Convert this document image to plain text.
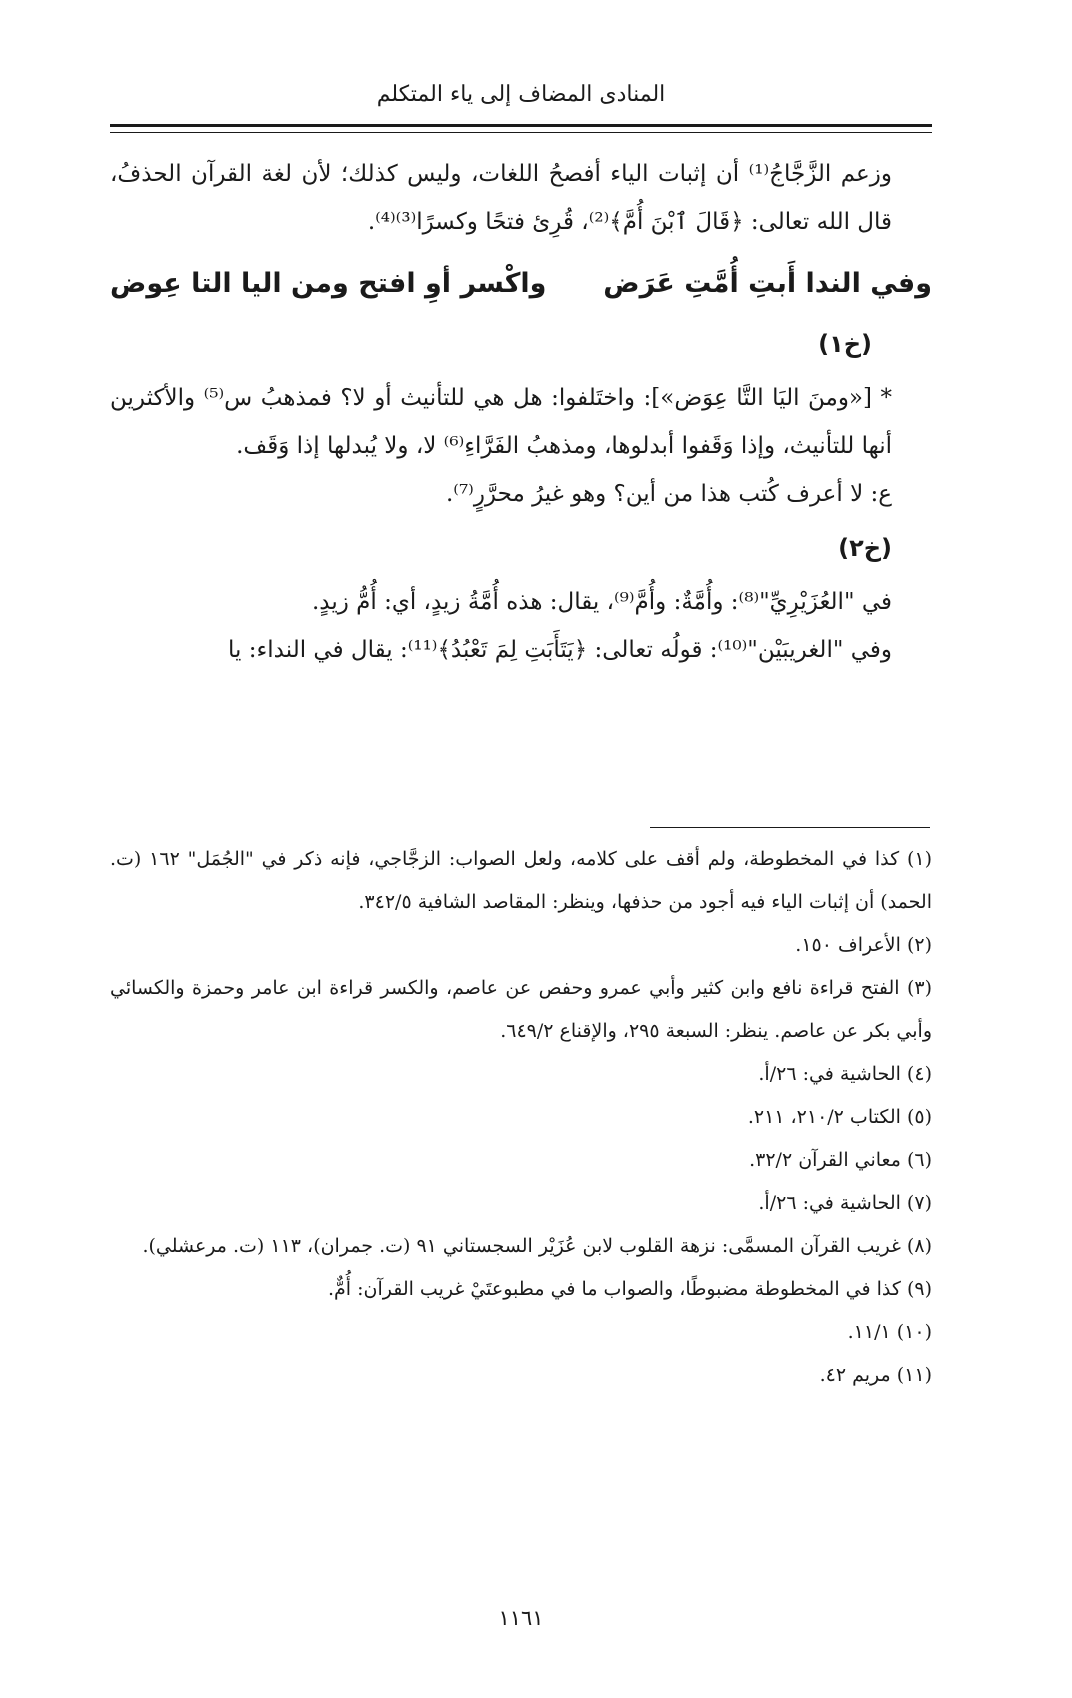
المنادى المضاف إلى ياء المتكلم

وزعم الزَّجَّاجُ⁽¹⁾ أن إثبات الياء أفصحُ اللغات، وليس كذلك؛ لأن لغة القرآن الحذفُ، قال الله تعالى: ﴿قَالَ ٱبْنَ أُمَّ﴾⁽²⁾، قُرِئ فتحًا وكسرًا⁽³⁾⁽⁴⁾.

وفي الندا أَبتِ أُمَّتِ عَرَض
واكْسر أوِ افتح ومن اليا التا عِوض
(خ١)

* [«ومنَ اليَا التَّا عِوَض»]: واختَلفوا: هل هي للتأنيث أو لا؟ فمذهبُ س⁽⁵⁾ والأكثرين أنها للتأنيث، وإذا وَقَفوا أبدلوها، ومذهبُ الفَرَّاءِ⁽⁶⁾ لا، ولا يُبدلها إذا وَقَف.

ع: لا أعرف كُتب هذا من أين؟ وهو غيرُ محرَّرٍ⁽⁷⁾.

(خ٢)

في "العُزَيْرِيِّ"⁽⁸⁾: وأُمَّةٌ: وأُمَّ⁽⁹⁾، يقال: هذه أُمَّةُ زيدٍ، أي: أُمُّ زيدٍ.

وفي "الغريبَيْن"⁽¹⁰⁾: قولُه تعالى: ﴿يَتَأَبَتِ لِمَ تَعْبُدُ﴾⁽¹¹⁾: يقال في النداء: يا

(١) كذا في المخطوطة، ولم أقف على كلامه، ولعل الصواب: الزجَّاجي، فإنه ذكر في "الجُمَل" ١٦٢ (ت. الحمد) أن إثبات الياء فيه أجود من حذفها، وينظر: المقاصد الشافية ٣٤٢/٥.

(٢) الأعراف ١٥٠.

(٣) الفتح قراءة نافع وابن كثير وأبي عمرو وحفص عن عاصم، والكسر قراءة ابن عامر وحمزة والكسائي وأبي بكر عن عاصم. ينظر: السبعة ٢٩٥، والإقناع ٦٤٩/٢.

(٤) الحاشية في: ٢٦/أ.

(٥) الكتاب ٢١٠/٢، ٢١١.

(٦) معاني القرآن ٣٢/٢.

(٧) الحاشية في: ٢٦/أ.

(٨) غريب القرآن المسمَّى: نزهة القلوب لابن عُزَيْر السجستاني ٩١ (ت. جمران)، ١١٣ (ت. مرعشلي).

(٩) كذا في المخطوطة مضبوطًا، والصواب ما في مطبوعتَيْ غريب القرآن: أُمٌّ.

(١٠) ١١/١.

(١١) مريم ٤٢.

١١٦١
